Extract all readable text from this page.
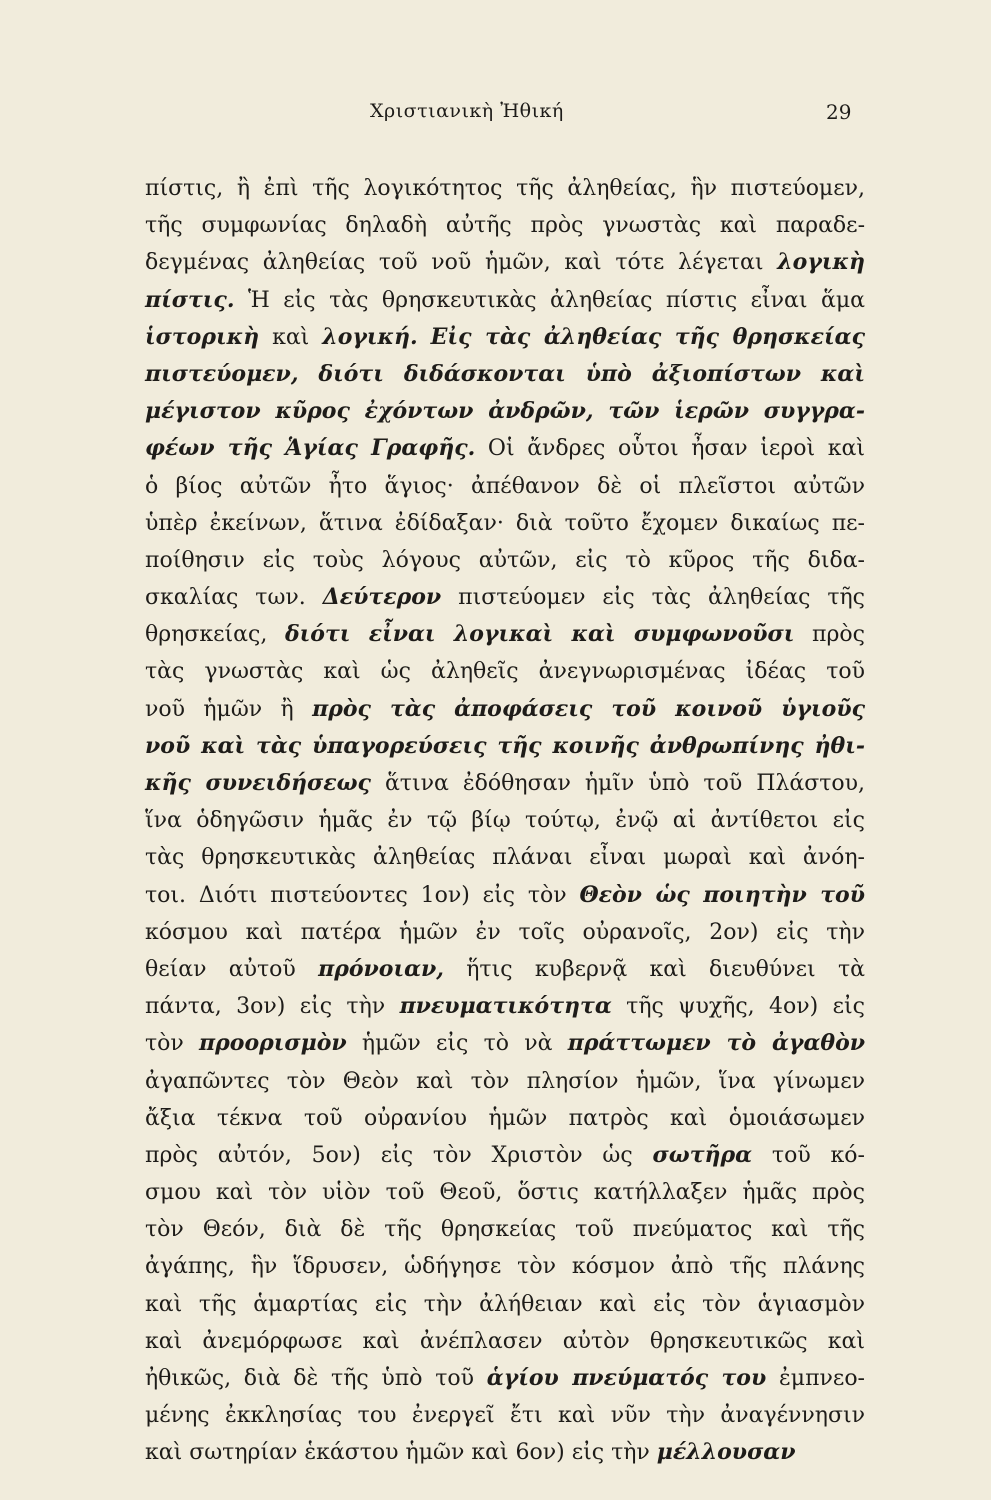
Χριστιανικὴ Ἠθική	29
πίστις, ἢ ἐπὶ τῆς λογικότητος τῆς ἀληθείας, ἣν πιστεύομεν,
τῆς συμφωνίας δηλαδὴ αὐτῆς πρὸς γνωστὰς καὶ παραδε-
δεγμένας ἀληθείας τοῦ νοῦ ἡμῶν, καὶ τότε λέγεται λογικὴ
πίστις. Ἡ εἰς τὰς θρησκευτικὰς ἀληθείας πίστις εἶναι ἅμα
ἱστορικὴ καὶ λογική. Εἰς τὰς ἀληθείας τῆς θρησκείας
πιστεύομεν, διότι διδάσκονται ὑπὸ ἀξιοπίστων καὶ
μέγιστον κῦρος ἐχόντων ἀνδρῶν, τῶν ἱερῶν συγγρα-
φέων τῆς Ἁγίας Γραφῆς. Οἱ ἄνδρες οὗτοι ἦσαν ἱεροὶ καὶ
ὁ βίος αὐτῶν ἦτο ἅγιος· ἀπέθανον δὲ οἱ πλεῖστοι αὐτῶν
ὑπὲρ ἐκείνων, ἅτινα ἐδίδαξαν· διὰ τοῦτο ἔχομεν δικαίως πε-
ποίθησιν εἰς τοὺς λόγους αὐτῶν, εἰς τὸ κῦρος τῆς διδα-
σκαλίας των. Δεύτερον πιστεύομεν εἰς τὰς ἀληθείας τῆς
θρησκείας, διότι εἶναι λογικαὶ καὶ συμφωνοῦσι πρὸς
τὰς γνωστὰς καὶ ὡς ἀληθεῖς ἀνεγνωρισμένας ἰδέας τοῦ
νοῦ ἡμῶν ἢ πρὸς τὰς ἀποφάσεις τοῦ κοινοῦ ὑγιοῦς
νοῦ καὶ τὰς ὑπαγορεύσεις τῆς κοινῆς ἀνθρωπίνης ἠθι-
κῆς συνειδήσεως ἅτινα ἐδόθησαν ἡμῖν ὑπὸ τοῦ Πλάστου,
ἵνα ὁδηγῶσιν ἡμᾶς ἐν τῷ βίῳ τούτῳ, ἐνῷ αἱ ἀντίθετοι εἰς
τὰς θρησκευτικὰς ἀληθείας πλάναι εἶναι μωραὶ καὶ ἀνόη-
τοι. Διότι πιστεύοντες 1ον) εἰς τὸν Θεὸν ὡς ποιητὴν τοῦ
κόσμου καὶ πατέρα ἡμῶν ἐν τοῖς οὐρανοῖς, 2ον) εἰς τὴν
θείαν αὐτοῦ πρόνοιαν, ἥτις κυβερνᾷ καὶ διευθύνει τὰ
πάντα, 3ον) εἰς τὴν πνευματικότητα τῆς ψυχῆς, 4ον) εἰς
τὸν προορισμὸν ἡμῶν εἰς τὸ νὰ πράττωμεν τὸ ἀγαθὸν
ἀγαπῶντες τὸν Θεὸν καὶ τὸν πλησίον ἡμῶν, ἵνα γίνωμεν
ἄξια τέκνα τοῦ οὐρανίου ἡμῶν πατρὸς καὶ ὁμοιάσωμεν
πρὸς αὐτόν, 5ον) εἰς τὸν Χριστὸν ὡς σωτῆρα τοῦ κό-
σμου καὶ τὸν υἱὸν τοῦ Θεοῦ, ὅστις κατήλλαξεν ἡμᾶς πρὸς
τὸν Θεόν, διὰ δὲ τῆς θρησκείας τοῦ πνεύματος καὶ τῆς
ἀγάπης, ἣν ἵδρυσεν, ὡδήγησε τὸν κόσμον ἀπὸ τῆς πλάνης
καὶ τῆς ἁμαρτίας εἰς τὴν ἀλήθειαν καὶ εἰς τὸν ἁγιασμὸν
καὶ ἀνεμόρφωσε καὶ ἀνέπλασεν αὐτὸν θρησκευτικῶς καὶ
ἠθικῶς, διὰ δὲ τῆς ὑπὸ τοῦ ἁγίου πνεύματός του ἐμπνεο-
μένης ἐκκλησίας του ἐνεργεῖ ἔτι καὶ νῦν τὴν ἀναγέννησιν
καὶ σωτηρίαν ἑκάστου ἡμῶν καὶ 6ον) εἰς τὴν μέλλουσαν
